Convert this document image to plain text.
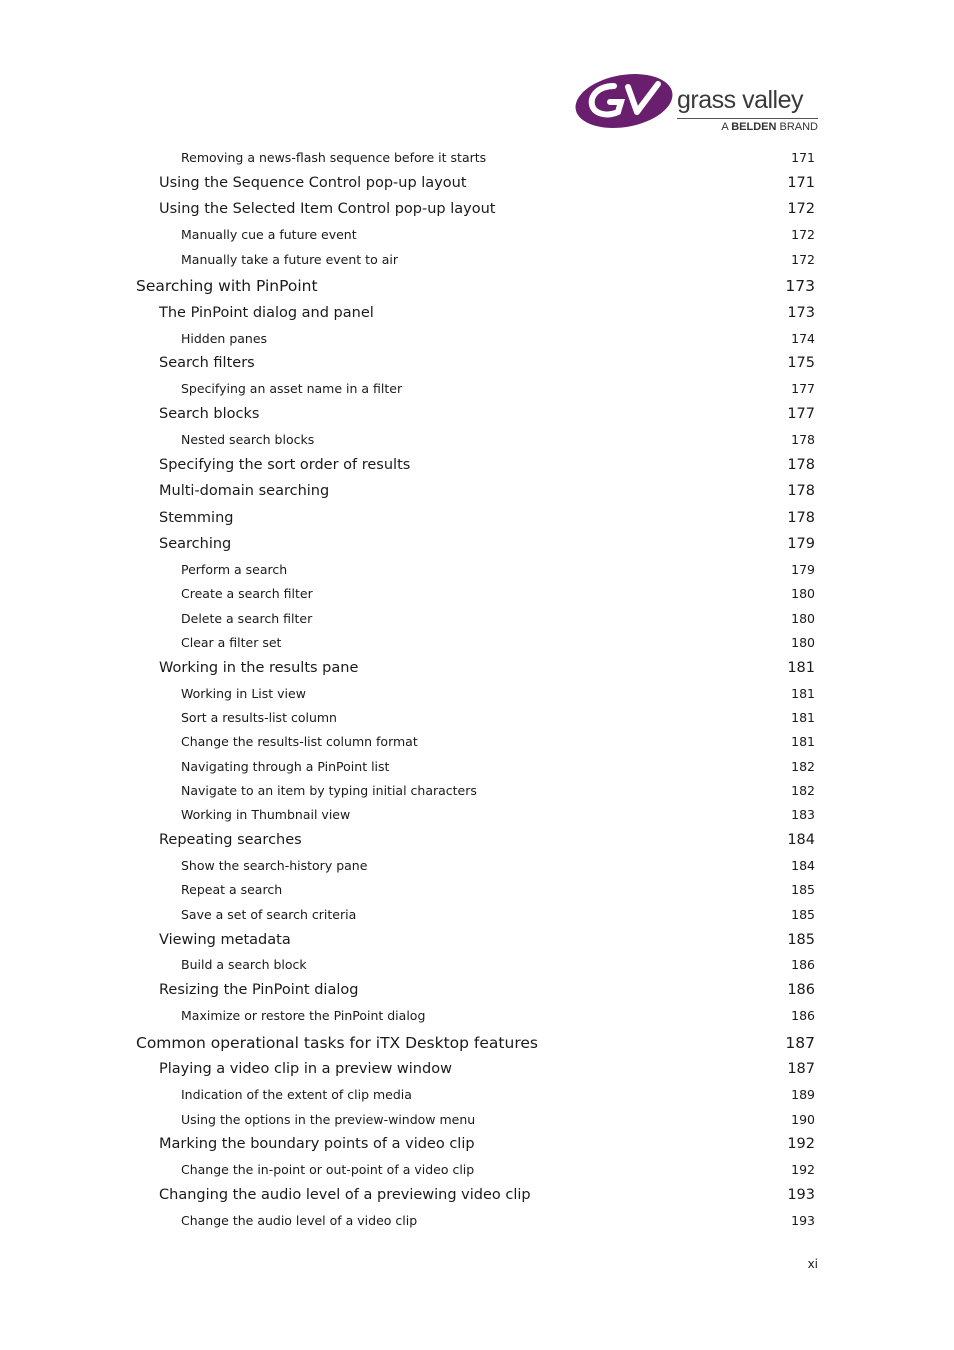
grass valley
A BELDEN BRAND
Removing a news-flash sequence before it starts	171
Using the Sequence Control pop-up layout	171
Using the Selected Item Control pop-up layout	172
Manually cue a future event	172
Manually take a future event to air	172
Searching with PinPoint	173
The PinPoint dialog and panel	173
Hidden panes	174
Search filters	175
Specifying an asset name in a filter	177
Search blocks	177
Nested search blocks	178
Specifying the sort order of results	178
Multi-domain searching	178
Stemming	178
Searching	179
Perform a search	179
Create a search filter	180
Delete a search filter	180
Clear a filter set	180
Working in the results pane	181
Working in List view	181
Sort a results-list column	181
Change the results-list column format	181
Navigating through a PinPoint list	182
Navigate to an item by typing initial characters	182
Working in Thumbnail view	183
Repeating searches	184
Show the search-history pane	184
Repeat a search	185
Save a set of search criteria	185
Viewing metadata	185
Build a search block	186
Resizing the PinPoint dialog	186
Maximize or restore the PinPoint dialog	186
Common operational tasks for iTX Desktop features	187
Playing a video clip in a preview window	187
Indication of the extent of clip media	189
Using the options in the preview-window menu	190
Marking the boundary points of a video clip	192
Change the in-point or out-point of a video clip	192
Changing the audio level of a previewing video clip	193
Change the audio level of a video clip	193
xi
